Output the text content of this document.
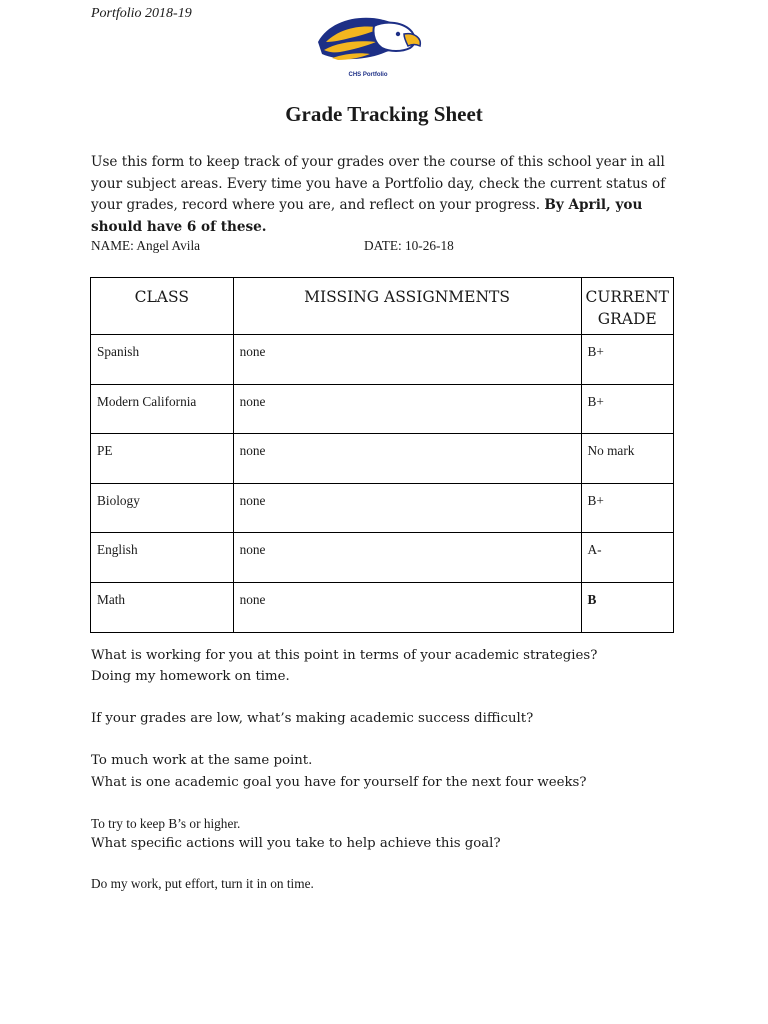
Portfolio 2018-19
CHS Portfolio
Grade Tracking Sheet
Use this form to keep track of your grades over the course of this school year in all your subject areas. Every time you have a Portfolio day, check the current status of your grades, record where you are, and reflect on your progress. By April, you should have 6 of these.
NAME: Angel Avila	DATE: 10-26-18
CLASS	MISSING ASSIGNMENTS	CURRENT
GRADE
Spanish	none	B+
Modern California	none	B+
PE	none	No mark
Biology	none	B+
English	none	A-
Math	none	B
What is working for you at this point in terms of your academic strategies?
Doing my homework on time.
If your grades are low, what’s making academic success difficult?
To much work at the same point.
What is one academic goal you have for yourself for the next four weeks?
To try to keep B’s or higher.
What specific actions will you take to help achieve this goal?
Do my work, put effort, turn it in on time.
